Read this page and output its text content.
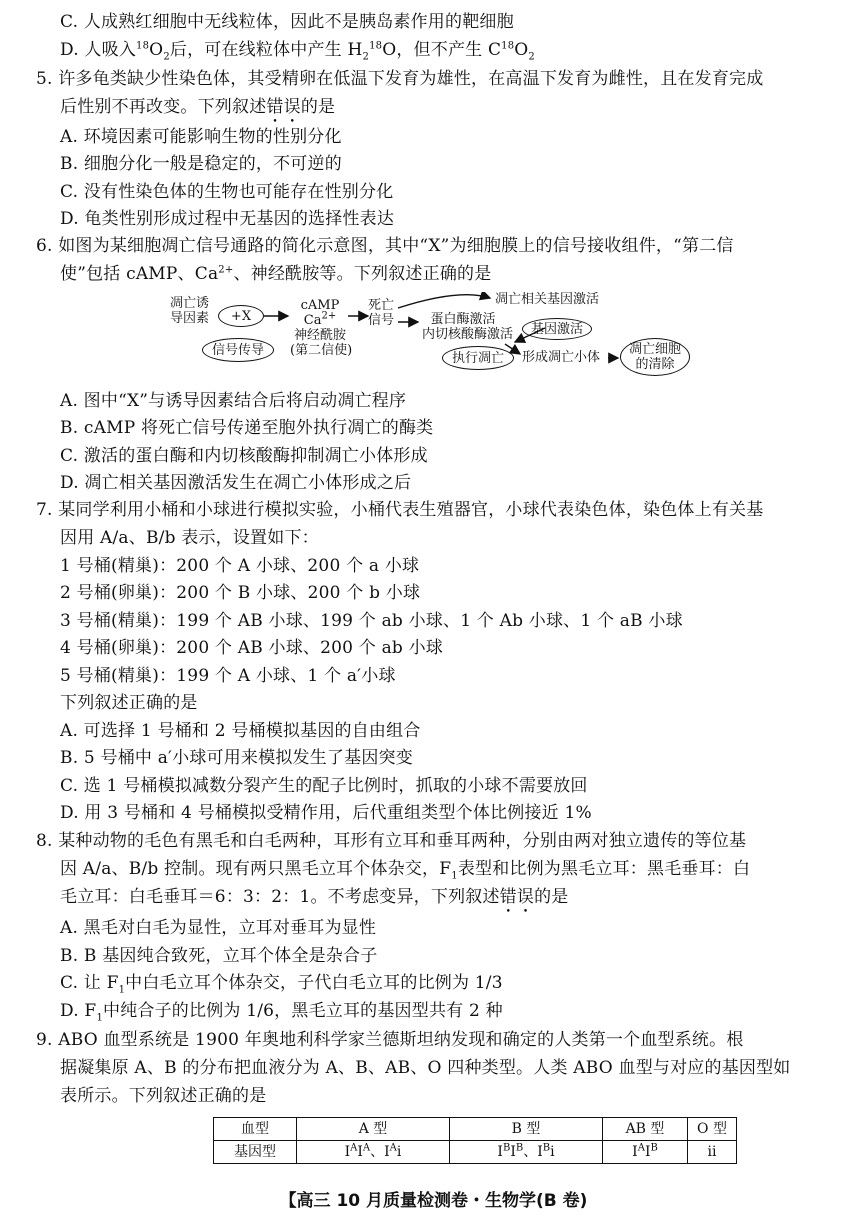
C. 人成熟红细胞中无线粒体，因此不是胰岛素作用的靶细胞
D. 人吸入$^{18}O_2$后，可在线粒体中产生 $H_2^{18}O$，但不产生 $C^{18}O_2$
5. 许多龟类缺少性染色体，其受精卵在低温下发育为雄性，在高温下发育为雌性，且在发育完成
后性别不再改变。下列叙述错误的是
A. 环境因素可能影响生物的性别分化
B. 细胞分化一般是稳定的，不可逆的
C. 没有性染色体的生物也可能存在性别分化
D. 龟类性别形成过程中无基因的选择性表达
6. 如图为某细胞凋亡信号通路的简化示意图，其中“X”为细胞膜上的信号接收组件，“第二信
使”包括 cAMP、$Ca^{2+}$、神经酰胺等。下列叙述正确的是
凋亡诱
导因素 +X
信号传导
cAMP
$Ca^{2+}$
神经酰胺
(第二信使)
死亡
信号
凋亡相关基因激活
蛋白酶激活
内切核酸酶激活 基因激活
执行凋亡 形成凋亡小体
凋亡细胞
的清除
A. 图中“X”与诱导因素结合后将启动凋亡程序
B. cAMP 将死亡信号传递至胞外执行凋亡的酶类
C. 激活的蛋白酶和内切核酸酶抑制凋亡小体形成
D. 凋亡相关基因激活发生在凋亡小体形成之后
7. 某同学利用小桶和小球进行模拟实验，小桶代表生殖器官，小球代表染色体，染色体上有关基
因用 A/a、B/b 表示，设置如下：
1 号桶(精巢)：200 个 A 小球、200 个 a 小球
2 号桶(卵巢)：200 个 B 小球、200 个 b 小球
3 号桶(精巢)：199 个 AB 小球、199 个 ab 小球、1 个 Ab 小球、1 个 aB 小球
4 号桶(卵巢)：200 个 AB 小球、200 个 ab 小球
5 号桶(精巢)：199 个 A 小球、1 个 a′小球
下列叙述正确的是
A. 可选择 1 号桶和 2 号桶模拟基因的自由组合
B. 5 号桶中 a′小球可用来模拟发生了基因突变
C. 选 1 号桶模拟减数分裂产生的配子比例时，抓取的小球不需要放回
D. 用 3 号桶和 4 号桶模拟受精作用，后代重组类型个体比例接近 1%
8. 某种动物的毛色有黑毛和白毛两种，耳形有立耳和垂耳两种，分别由两对独立遗传的等位基
因 A/a、B/b 控制。现有两只黑毛立耳个体杂交，$F_1$表型和比例为黑毛立耳：黑毛垂耳：白
毛立耳：白毛垂耳＝6：3：2：1。不考虑变异，下列叙述错误的是
A. 黑毛对白毛为显性，立耳对垂耳为显性
B. B 基因纯合致死，立耳个体全是杂合子
C. 让 $F_1$中白毛立耳个体杂交，子代白毛立耳的比例为 1/3
D. $F_1$中纯合子的比例为 1/6，黑毛立耳的基因型共有 2 种
9. ABO 血型系统是 1900 年奥地利科学家兰德斯坦纳发现和确定的人类第一个血型系统。根
据凝集原 A、B 的分布把血液分为 A、B、AB、O 四种类型。人类 ABO 血型与对应的基因型如
表所示。下列叙述正确的是
血型	A 型	B 型	AB 型	O 型
基因型	$I^AI^A$、$I^Ai$	$I^BI^B$、$I^Bi$	$I^AI^B$	ii
【高三 10 月质量检测卷・生物学(B 卷)
